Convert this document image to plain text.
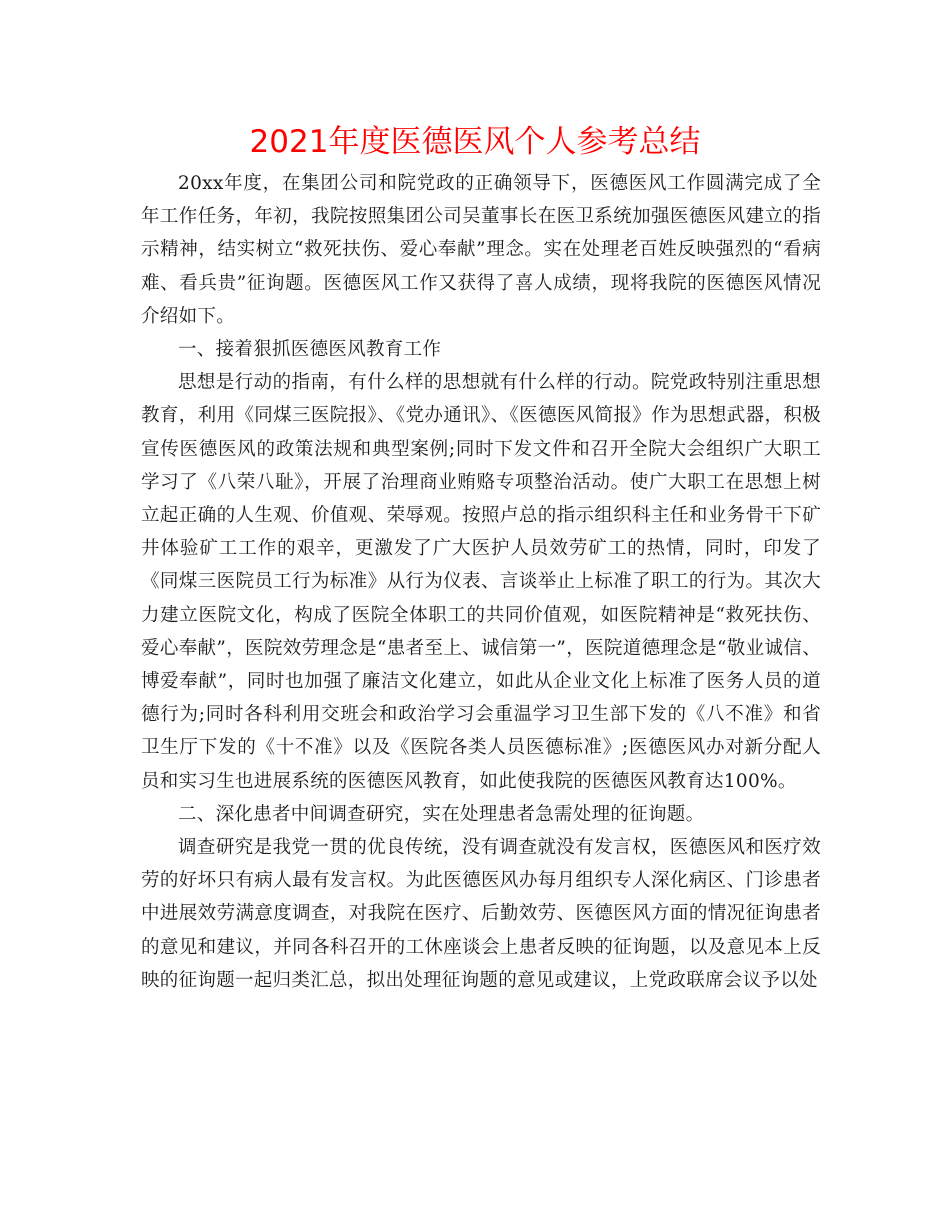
2021年度医德医风个人参考总结

20xx年度，在集团公司和院党政的正确领导下，医德医风工作圆满完成了全年工作任务，年初，我院按照集团公司吴董事长在医卫系统加强医德医风建立的指示精神，结实树立“救死扶伤、爱心奉献”理念。实在处理老百姓反映强烈的“看病难、看兵贵”征询题。医德医风工作又获得了喜人成绩，现将我院的医德医风情况介绍如下。

一、接着狠抓医德医风教育工作

思想是行动的指南，有什么样的思想就有什么样的行动。院党政特别注重思想教育，利用《同煤三医院报》、《党办通讯》、《医德医风简报》作为思想武器，积极宣传医德医风的政策法规和典型案例;同时下发文件和召开全院大会组织广大职工学习了《八荣八耻》，开展了治理商业贿赂专项整治活动。使广大职工在思想上树立起正确的人生观、价值观、荣辱观。按照卢总的指示组织科主任和业务骨干下矿井体验矿工工作的艰辛，更激发了广大医护人员效劳矿工的热情，同时，印发了《同煤三医院员工行为标准》从行为仪表、言谈举止上标准了职工的行为。其次大力建立医院文化，构成了医院全体职工的共同价值观，如医院精神是“救死扶伤、爱心奉献”，医院效劳理念是“患者至上、诚信第一”，医院道德理念是“敬业诚信、博爱奉献”，同时也加强了廉洁文化建立，如此从企业文化上标准了医务人员的道德行为;同时各科利用交班会和政治学习会重温学习卫生部下发的《八不准》和省卫生厅下发的《十不准》以及《医院各类人员医德标准》;医德医风办对新分配人员和实习生也进展系统的医德医风教育，如此使我院的医德医风教育达100%。

二、深化患者中间调查研究，实在处理患者急需处理的征询题。

调查研究是我党一贯的优良传统，没有调查就没有发言权，医德医风和医疗效劳的好坏只有病人最有发言权。为此医德医风办每月组织专人深化病区、门诊患者中进展效劳满意度调查，对我院在医疗、后勤效劳、医德医风方面的情况征询患者的意见和建议，并同各科召开的工休座谈会上患者反映的征询题，以及意见本上反映的征询题一起归类汇总，拟出处理征询题的意见或建议，上党政联席会议予以处
